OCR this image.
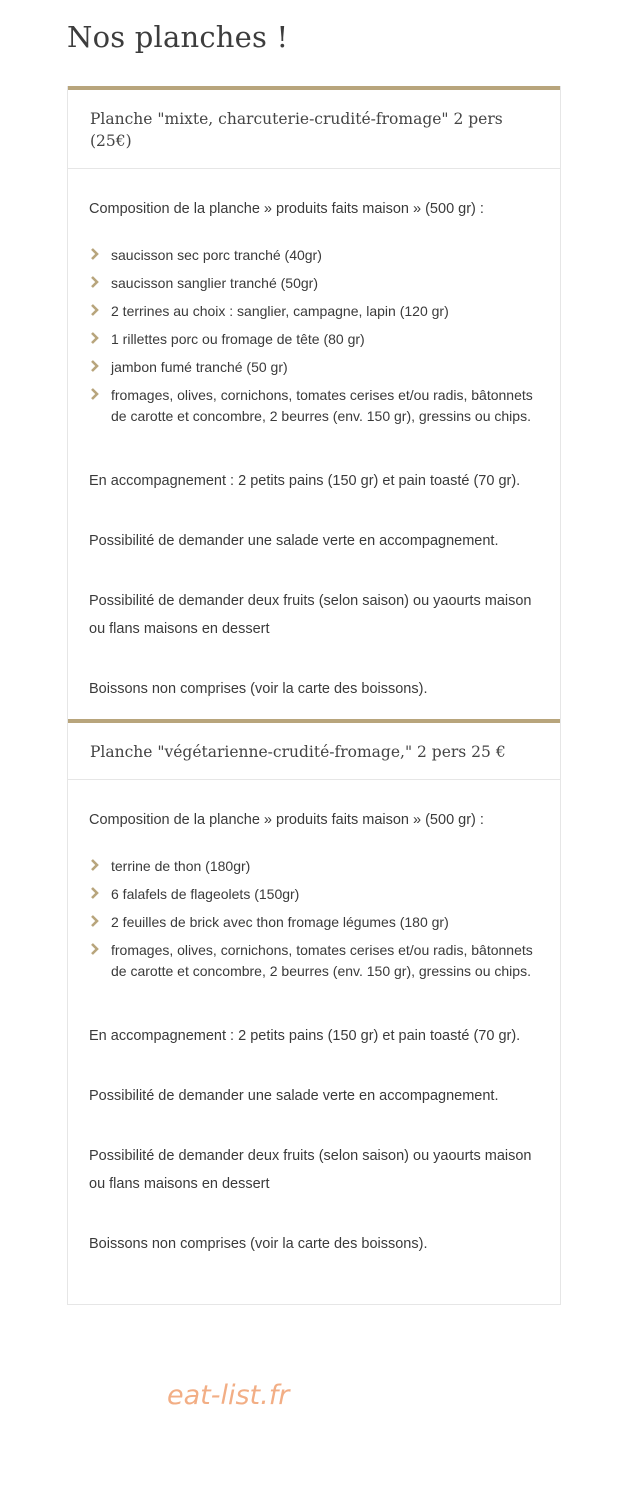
Nos planches !
Planche "mixte, charcuterie-crudité-fromage" 2 pers (25€)

Composition de la planche » produits faits maison » (500 gr) :

saucisson sec porc tranché (40gr)
saucisson sanglier tranché (50gr)
2 terrines au choix : sanglier, campagne, lapin (120 gr)
1 rillettes porc ou fromage de tête (80 gr)
jambon fumé tranché (50 gr)
fromages, olives, cornichons, tomates cerises et/ou radis, bâtonnets de carotte et concombre, 2 beurres (env. 150 gr), gressins ou chips.

En accompagnement : 2 petits pains (150 gr) et pain toasté (70 gr).

Possibilité de demander une salade verte en accompagnement.

Possibilité de demander deux fruits (selon saison) ou yaourts maison ou flans maisons en dessert

Boissons non comprises (voir la carte des boissons).

Planche "végétarienne-crudité-fromage," 2 pers 25 €

Composition de la planche » produits faits maison » (500 gr) :

terrine de thon (180gr)
6 falafels de flageolets (150gr)
2 feuilles de brick avec thon fromage légumes (180 gr)
fromages, olives, cornichons, tomates cerises et/ou radis, bâtonnets de carotte et concombre, 2 beurres (env. 150 gr), gressins ou chips.

En accompagnement : 2 petits pains (150 gr) et pain toasté (70 gr).

Possibilité de demander une salade verte en accompagnement.

Possibilité de demander deux fruits (selon saison) ou yaourts maison ou flans maisons en dessert

Boissons non comprises (voir la carte des boissons).

eat-list.fr
